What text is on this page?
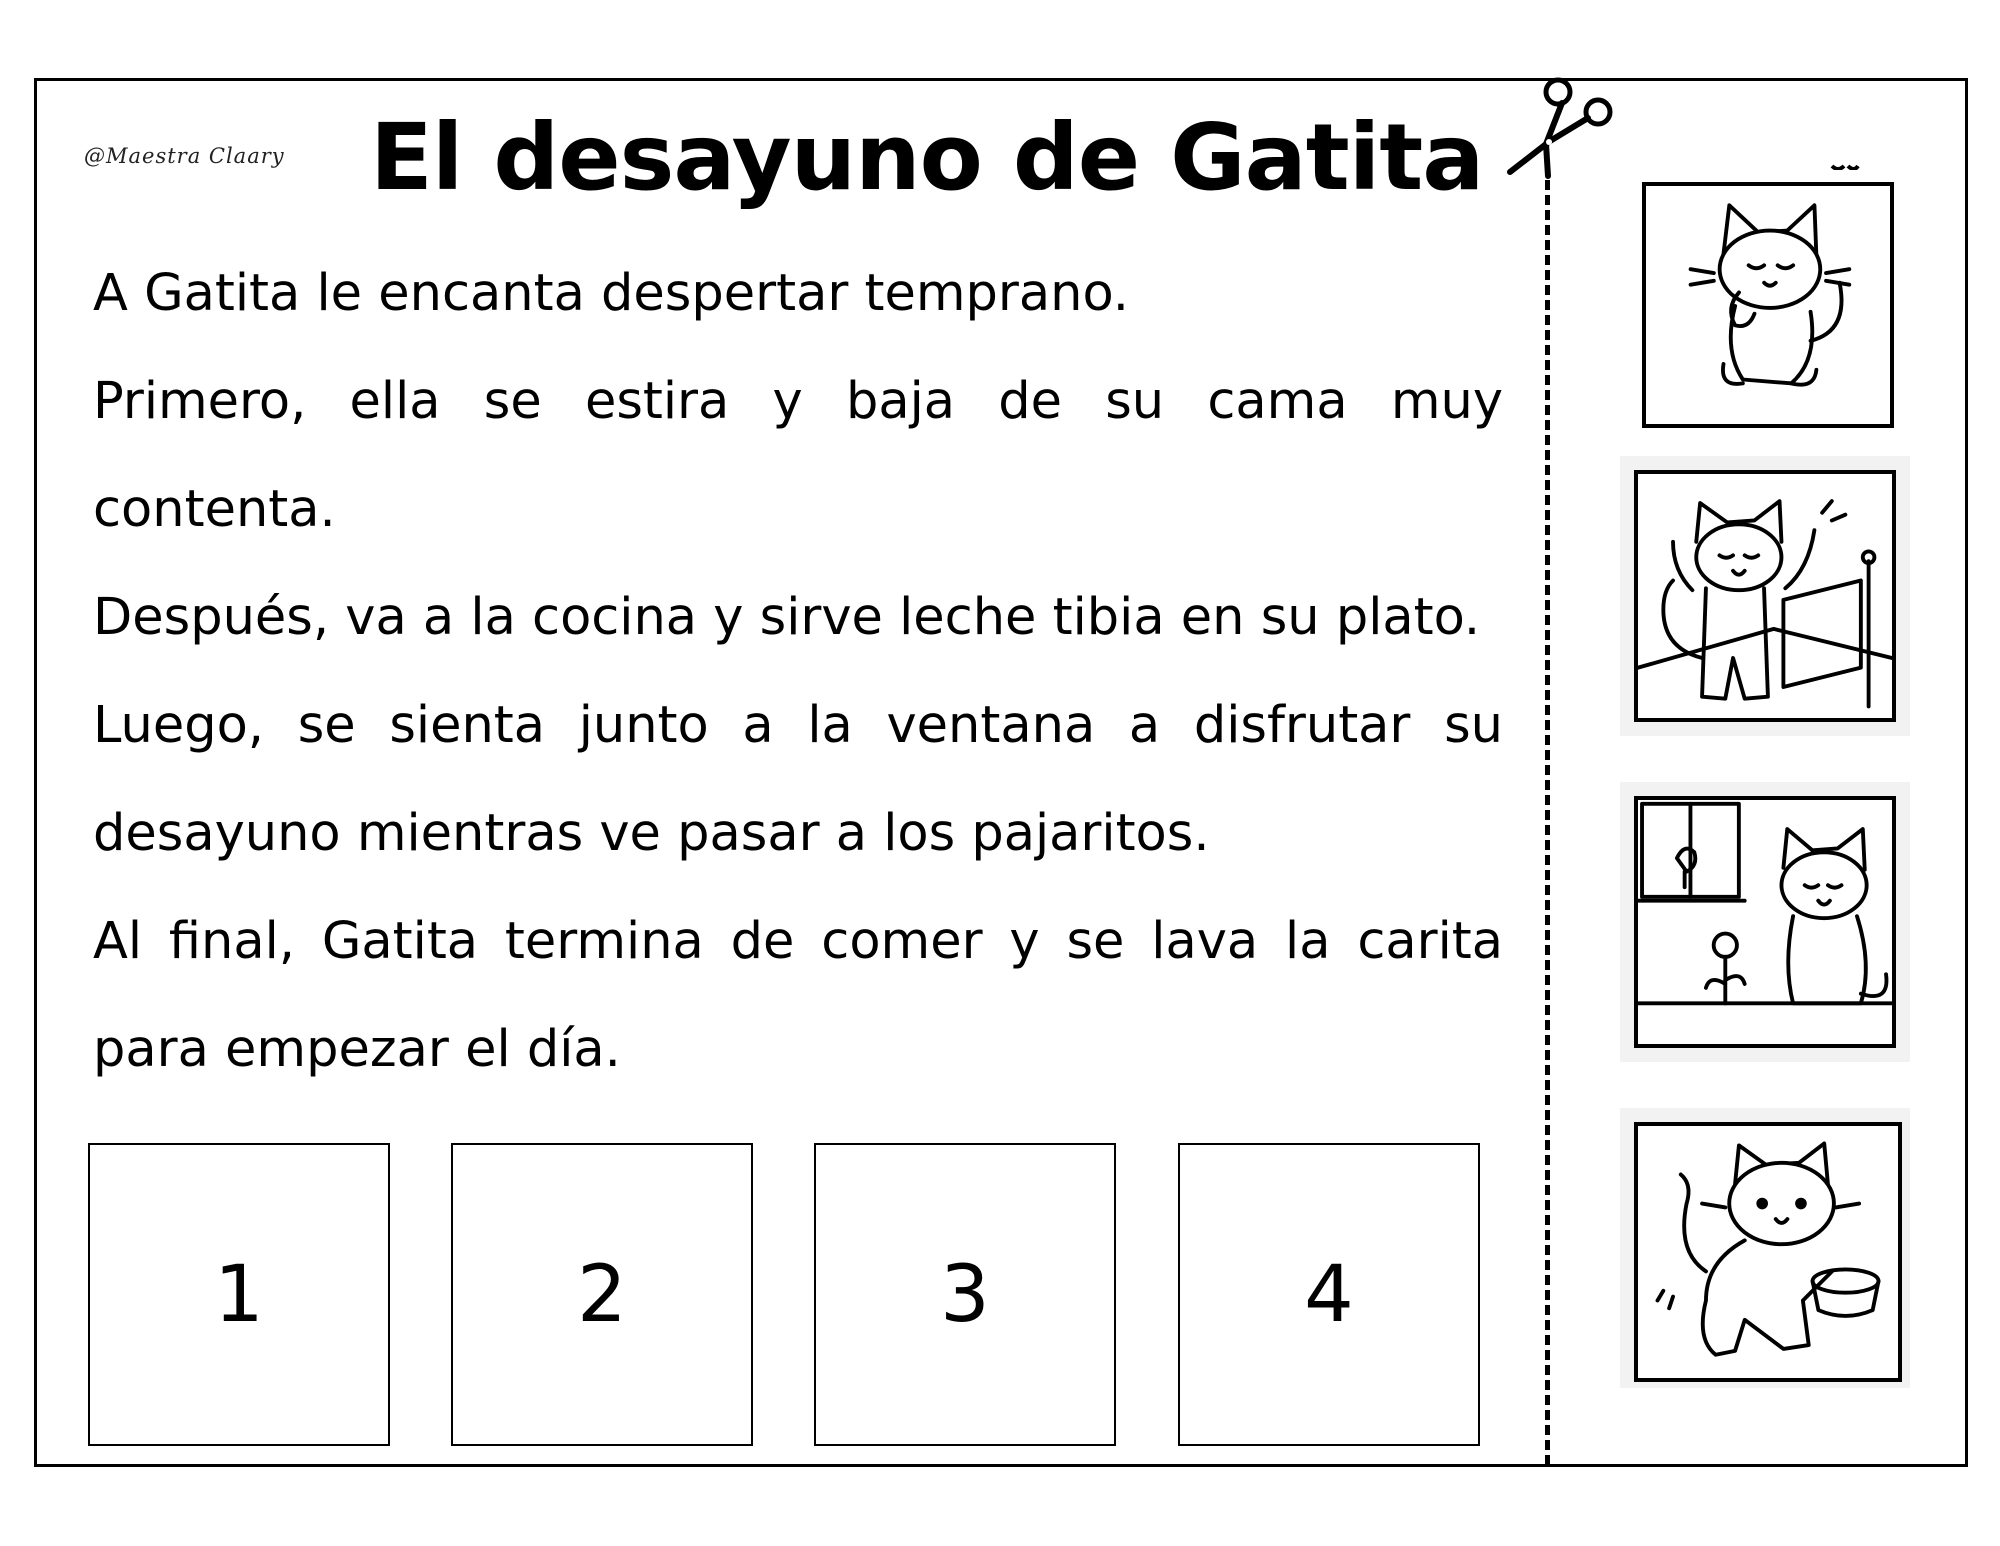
@Maestra Claary El desayuno de Gatita
A Gatita le encanta despertar temprano.
Primero, ella se estira y baja de su cama muy
contenta.
Después, va a la cocina y sirve leche tibia en su plato.
Luego, se sienta junto a la ventana a disfrutar su
desayuno mientras ve pasar a los pajaritos.
Al final, Gatita termina de comer y se lava la carita
para empezar el día.
1	2	3	4
